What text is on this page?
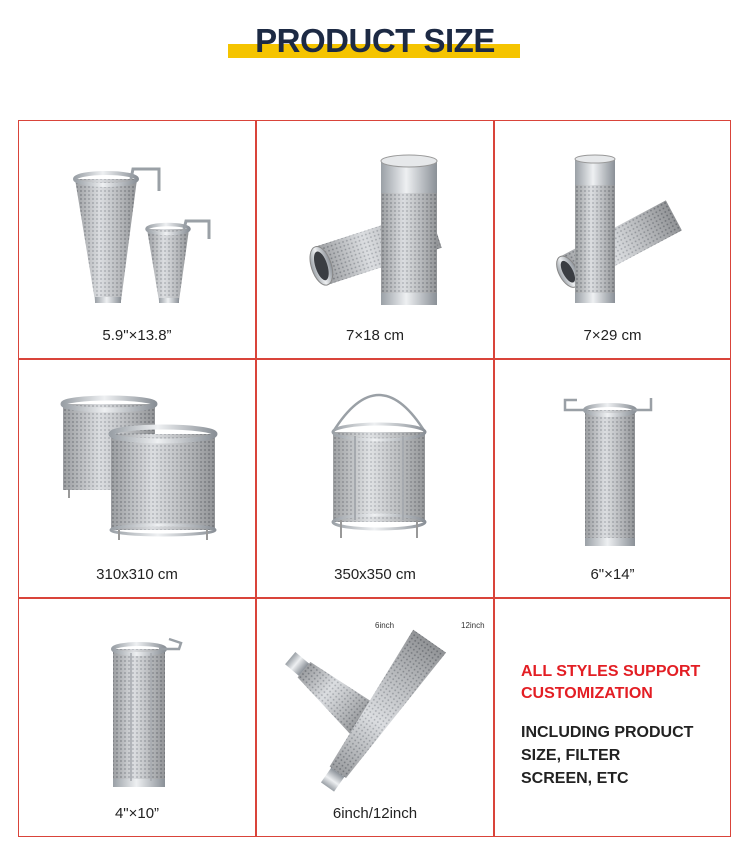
PRODUCT SIZE
5.9"×13.8”	7×18 cm	7×29 cm
310x310 cm	350x350 cm	6"×14”
4"×10”
6inch	12inch
6inch/12inch
ALL STYLES SUPPORT
CUSTOMIZATION
INCLUDING PRODUCT
SIZE, FILTER
SCREEN, ETC
